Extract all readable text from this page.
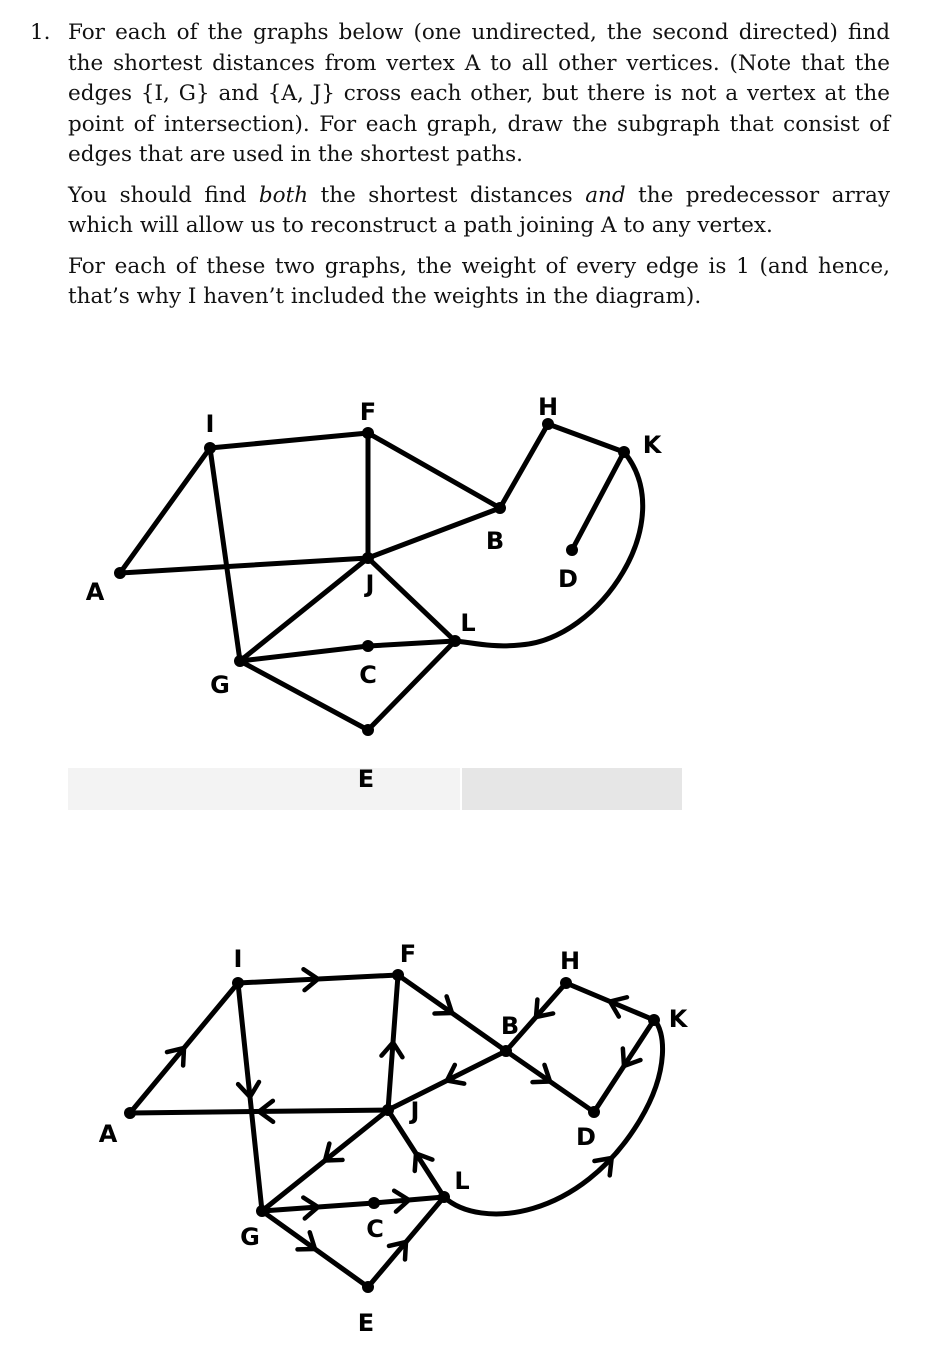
1. For each of the graphs below (one undirected, the second directed) find the shortest distances from vertex A to all other vertices. (Note that the edges {I, G} and {A, J} cross each other, but there is not a vertex at the point of intersection). For each graph, draw the subgraph that consist of edges that are used in the shortest paths.

You should find both the shortest distances and the predecessor array which will allow us to reconstruct a path joining A to any vertex.

For each of these two graphs, the weight of every edge is 1 (and hence, that’s why I haven’t included the weights in the diagram).

A
I	F	H
K
B
J	D
L
G	C
E
A
I	F	H
K
B
J
D
L
G	C
E
